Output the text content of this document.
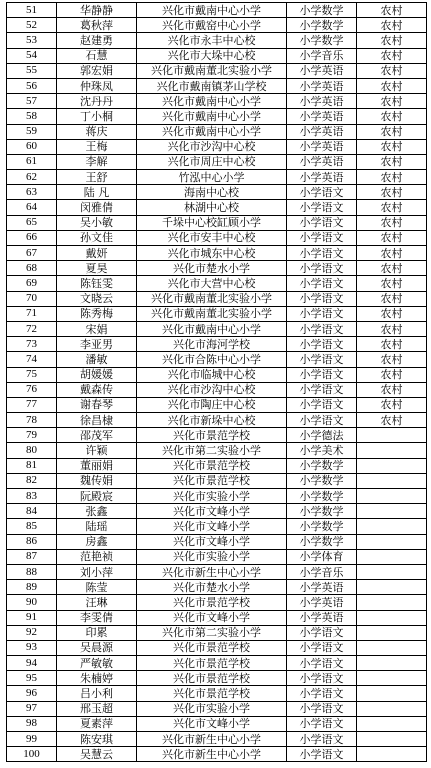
51	华静静	兴化市戴南中心小学	小学数学	农村
52	葛秋萍	兴化市戴窑中心小学	小学数学	农村
53	赵建勇	兴化市永丰中心校	小学数学	农村
54	石慧	兴化市大垛中心校	小学音乐	农村
55	郭宏娟	兴化市戴南董北实验小学	小学英语	农村
56	仲珠凤	兴化市戴南镇茅山学校	小学英语	农村
57	沈丹丹	兴化市戴南中心小学	小学英语	农村
58	丁小桐	兴化市戴南中心小学	小学英语	农村
59	蒋庆	兴化市戴南中心小学	小学英语	农村
60	王梅	兴化市沙沟中心校	小学英语	农村
61	李解	兴化市周庄中心校	小学英语	农村
62	王舒	竹泓中心小学	小学英语	农村
63	陆 凡	海南中心校	小学语文	农村
64	闵雅倩	林湖中心校	小学语文	农村
65	吴小敏	千垛中心校缸顾小学	小学语文	农村
66	孙文佳	兴化市安丰中心校	小学语文	农村
67	戴妍	兴化市城东中心校	小学语文	农村
68	夏昊	兴化市楚水小学	小学语文	农村
69	陈钰雯	兴化市大营中心校	小学语文	农村
70	文晓云	兴化市戴南董北实验小学	小学语文	农村
71	陈秀梅	兴化市戴南董北实验小学	小学语文	农村
72	宋娟	兴化市戴南中心小学	小学语文	农村
73	李亚男	兴化市海河学校	小学语文	农村
74	潘敏	兴化市合陈中心小学	小学语文	农村
75	胡媛媛	兴化市临城中心校	小学语文	农村
76	戴森传	兴化市沙沟中心校	小学语文	农村
77	谢春琴	兴化市陶庄中心校	小学语文	农村
78	徐昌棣	兴化市新垛中心校	小学语文	农村
79	邵茂军	兴化市景范学校	小学德法	
80	许颖	兴化市第二实验小学	小学美术	
81	董丽娟	兴化市景范学校	小学数学	
82	魏传娟	兴化市景范学校	小学数学	
83	阮殿宸	兴化市实验小学	小学数学	
84	张鑫	兴化市文峰小学	小学数学	
85	陆瑶	兴化市文峰小学	小学数学	
86	房鑫	兴化市文峰小学	小学数学	
87	范艳祯	兴化市实验小学	小学体育	
88	刘小萍	兴化市新生中心小学	小学音乐	
89	陈莹	兴化市楚水小学	小学英语	
90	汪琳	兴化市景范学校	小学英语	
91	李雯倩	兴化市文峰小学	小学英语	
92	印累	兴化市第二实验小学	小学语文	
93	吴晨源	兴化市景范学校	小学语文	
94	严敏敏	兴化市景范学校	小学语文	
95	朱楠婷	兴化市景范学校	小学语文	
96	吕小利	兴化市景范学校	小学语文	
97	邢玉超	兴化市实验小学	小学语文	
98	夏素萍	兴化市文峰小学	小学语文	
99	陈安琪	兴化市新生中心小学	小学语文	
100	吴慧云	兴化市新生中心小学	小学语文	
